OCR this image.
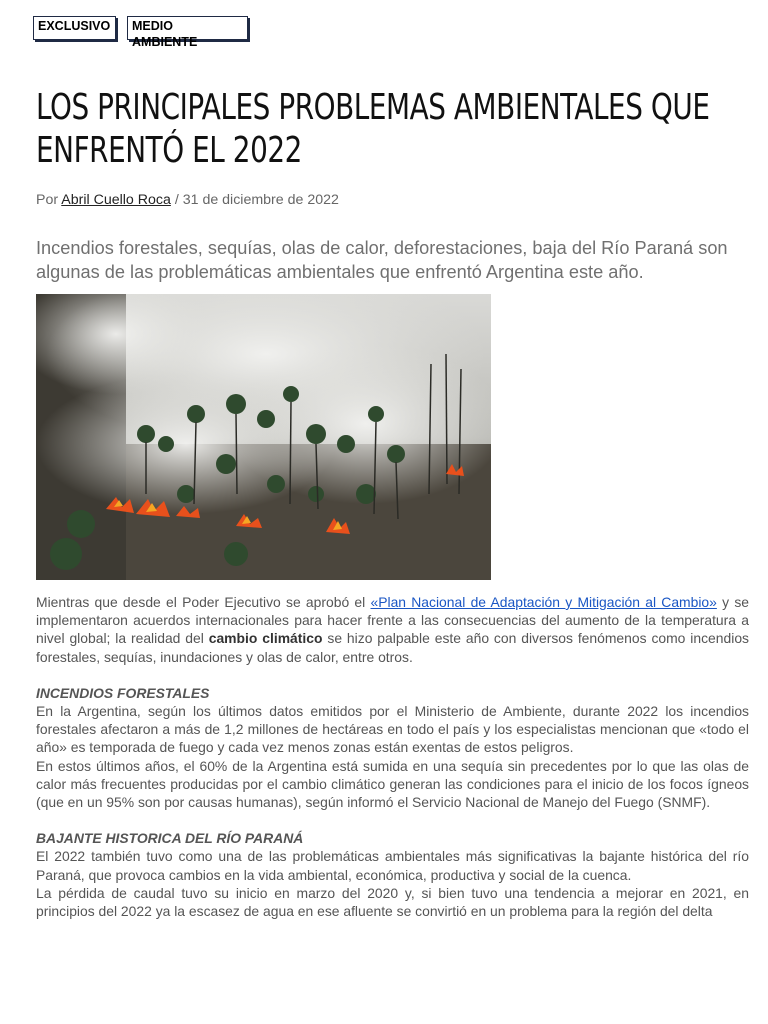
EXCLUSIVO	MEDIO AMBIENTE
LOS PRINCIPALES PROBLEMAS AMBIENTALES QUE ENFRENTÓ EL 2022
Por Abril Cuello Roca / 31 de diciembre de 2022

Incendios forestales, sequías, olas de calor, deforestaciones, baja del Río Paraná son algunas de las problemáticas ambientales que enfrentó Argentina este año.

Mientras que desde el Poder Ejecutivo se aprobó el «Plan Nacional de Adaptación y Mitigación al Cambio» y se implementaron acuerdos internacionales para hacer frente a las consecuencias del aumento de la temperatura a nivel global; la realidad del cambio climático se hizo palpable este año con diversos fenómenos como incendios forestales, sequías, inundaciones y olas de calor, entre otros.

INCENDIOS FORESTALES

En la Argentina, según los últimos datos emitidos por el Ministerio de Ambiente, durante 2022 los incendios forestales afectaron a más de 1,2 millones de hectáreas en todo el país y los especialistas mencionan que «todo el año» es temporada de fuego y cada vez menos zonas están exentas de estos peligros.

En estos últimos años, el 60% de la Argentina está sumida en una sequía sin precedentes por lo que las olas de calor más frecuentes producidas por el cambio climático generan las condiciones para el inicio de los focos ígneos (que en un 95% son por causas humanas), según informó el Servicio Nacional de Manejo del Fuego (SNMF).

BAJANTE HISTORICA DEL RÍO PARANÁ

El 2022 también tuvo como una de las problemáticas ambientales más significativas la bajante histórica del río Paraná, que provoca cambios en la vida ambiental, económica, productiva y social de la cuenca.

La pérdida de caudal tuvo su inicio en marzo del 2020 y, si bien tuvo una tendencia a mejorar en 2021, en principios del 2022 ya la escasez de agua en ese afluente se convirtió en un problema para la región del delta
